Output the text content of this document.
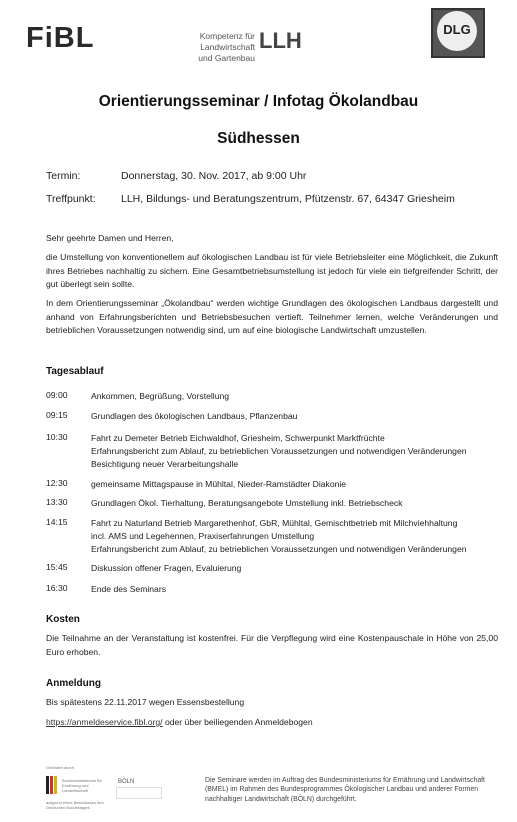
FiBL	Kompetenz für Landwirtschaft
und Gartenbau
LLH	DLG
Orientierungsseminar / Infotag Ökolandbau
Südhessen
Termin:	Donnerstag, 30. Nov. 2017, ab 9:00 Uhr
Treffpunkt: LLH, Bildungs- und Beratungszentrum, Pfützenstr. 67, 64347 Griesheim
Sehr geehrte Damen und Herren,

die Umstellung von konventionellem auf ökologischen Landbau ist für viele Betriebsleiter eine Möglichkeit, die Zukunft ihres Betriebes nachhaltig zu sichern. Eine Gesamtbetriebsumstellung ist jedoch für viele ein tiefgreifender Schritt, der gut überlegt sein sollte.

In dem Orientierungsseminar „Ökolandbau“ werden wichtige Grundlagen des ökologischen Landbaus dargestellt und anhand von Erfahrungsberichten und Betriebsbesuchen vertieft. Teilnehmer lernen, welche Veränderungen und betrieblichen Voraussetzungen notwendig sind, um auf eine biologische Landwirtschaft umzustellen.

Tagesablauf
09:00	Ankommen, Begrüßung, Vorstellung
09:15	Grundlagen des ökologischen Landbaus, Pflanzenbau
10:30	Fahrt zu Demeter Betrieb Eichwaldhof, Griesheim, Schwerpunkt Marktfrüchte
Erfahrungsbericht zum Ablauf, zu betrieblichen Voraussetzungen und notwendigen Veränderungen
Besichtigung neuer Verarbeitungshalle
12:30	gemeinsame Mittagspause in Mühltal, Nieder-Ramstädter Diakonie
13:30	Grundlagen Ökol. Tierhaltung, Beratungsangebote Umstellung inkl. Betriebscheck
14:15	Fahrt zu Naturland Betrieb Margarethenhof, GbR, Mühltal, Gemischtbetrieb mit Milchviehhaltung
incl. AMS und Legehennen, Praxiserfahrungen Umstellung
Erfahrungsbericht zum Ablauf, zu betrieblichen Voraussetzungen und notwendigen Veränderungen
15:45	Diskussion offener Fragen, Evaluierung
16:30	Ende des Seminars
Kosten

Die Teilnahme an der Veranstaltung ist kostenfrei. Für die Verpflegung wird eine Kostenpauschale in Höhe von 25,00 Euro erhoben.

Anmeldung
Bis spätestens 22.11.2017 wegen Essensbestellung
https://anmeldeservice.fibl.org/ oder über beiliegenden Anmeldebogen
Gefördert durch
Bundesministerium für Ernährung und Landwirtschaft
BÖLN
aufgrund eines Beschlusses des Deutschen Bundestages
Die Seminare werden im Auftrag des Bundesministeriums für Ernährung und Landwirtschaft (BMEL) im Rahmen des Bundesprogrammes Ökologischer Landbau und anderer Formen nachhaltiger Landwirtschaft (BÖLN) durchgeführt.
